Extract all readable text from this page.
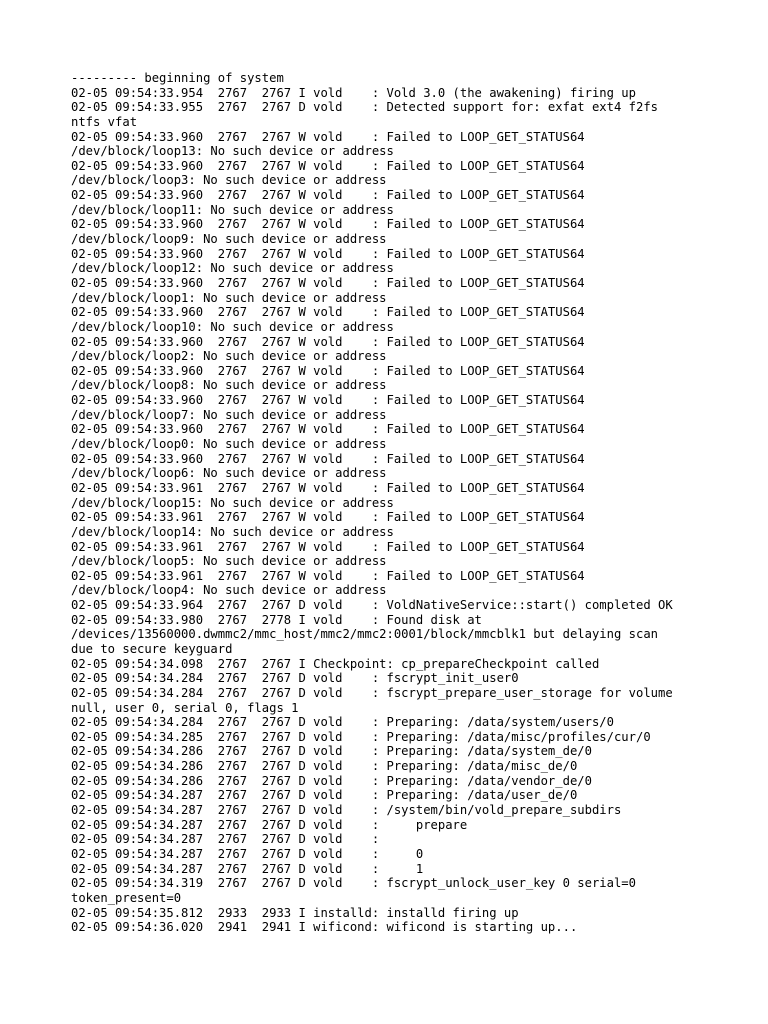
--------- beginning of system
02-05 09:54:33.954  2767  2767 I vold    : Vold 3.0 (the awakening) firing up
02-05 09:54:33.955  2767  2767 D vold    : Detected support for: exfat ext4 f2fs
ntfs vfat
02-05 09:54:33.960  2767  2767 W vold    : Failed to LOOP_GET_STATUS64
/dev/block/loop13: No such device or address
02-05 09:54:33.960  2767  2767 W vold    : Failed to LOOP_GET_STATUS64
/dev/block/loop3: No such device or address
02-05 09:54:33.960  2767  2767 W vold    : Failed to LOOP_GET_STATUS64
/dev/block/loop11: No such device or address
02-05 09:54:33.960  2767  2767 W vold    : Failed to LOOP_GET_STATUS64
/dev/block/loop9: No such device or address
02-05 09:54:33.960  2767  2767 W vold    : Failed to LOOP_GET_STATUS64
/dev/block/loop12: No such device or address
02-05 09:54:33.960  2767  2767 W vold    : Failed to LOOP_GET_STATUS64
/dev/block/loop1: No such device or address
02-05 09:54:33.960  2767  2767 W vold    : Failed to LOOP_GET_STATUS64
/dev/block/loop10: No such device or address
02-05 09:54:33.960  2767  2767 W vold    : Failed to LOOP_GET_STATUS64
/dev/block/loop2: No such device or address
02-05 09:54:33.960  2767  2767 W vold    : Failed to LOOP_GET_STATUS64
/dev/block/loop8: No such device or address
02-05 09:54:33.960  2767  2767 W vold    : Failed to LOOP_GET_STATUS64
/dev/block/loop7: No such device or address
02-05 09:54:33.960  2767  2767 W vold    : Failed to LOOP_GET_STATUS64
/dev/block/loop0: No such device or address
02-05 09:54:33.960  2767  2767 W vold    : Failed to LOOP_GET_STATUS64
/dev/block/loop6: No such device or address
02-05 09:54:33.961  2767  2767 W vold    : Failed to LOOP_GET_STATUS64
/dev/block/loop15: No such device or address
02-05 09:54:33.961  2767  2767 W vold    : Failed to LOOP_GET_STATUS64
/dev/block/loop14: No such device or address
02-05 09:54:33.961  2767  2767 W vold    : Failed to LOOP_GET_STATUS64
/dev/block/loop5: No such device or address
02-05 09:54:33.961  2767  2767 W vold    : Failed to LOOP_GET_STATUS64
/dev/block/loop4: No such device or address
02-05 09:54:33.964  2767  2767 D vold    : VoldNativeService::start() completed OK
02-05 09:54:33.980  2767  2778 I vold    : Found disk at
/devices/13560000.dwmmc2/mmc_host/mmc2/mmc2:0001/block/mmcblk1 but delaying scan
due to secure keyguard
02-05 09:54:34.098  2767  2767 I Checkpoint: cp_prepareCheckpoint called
02-05 09:54:34.284  2767  2767 D vold    : fscrypt_init_user0
02-05 09:54:34.284  2767  2767 D vold    : fscrypt_prepare_user_storage for volume
null, user 0, serial 0, flags 1
02-05 09:54:34.284  2767  2767 D vold    : Preparing: /data/system/users/0
02-05 09:54:34.285  2767  2767 D vold    : Preparing: /data/misc/profiles/cur/0
02-05 09:54:34.286  2767  2767 D vold    : Preparing: /data/system_de/0
02-05 09:54:34.286  2767  2767 D vold    : Preparing: /data/misc_de/0
02-05 09:54:34.286  2767  2767 D vold    : Preparing: /data/vendor_de/0
02-05 09:54:34.287  2767  2767 D vold    : Preparing: /data/user_de/0
02-05 09:54:34.287  2767  2767 D vold    : /system/bin/vold_prepare_subdirs
02-05 09:54:34.287  2767  2767 D vold    :     prepare
02-05 09:54:34.287  2767  2767 D vold    :
02-05 09:54:34.287  2767  2767 D vold    :     0
02-05 09:54:34.287  2767  2767 D vold    :     1
02-05 09:54:34.319  2767  2767 D vold    : fscrypt_unlock_user_key 0 serial=0
token_present=0
02-05 09:54:35.812  2933  2933 I installd: installd firing up
02-05 09:54:36.020  2941  2941 I wificond: wificond is starting up...
